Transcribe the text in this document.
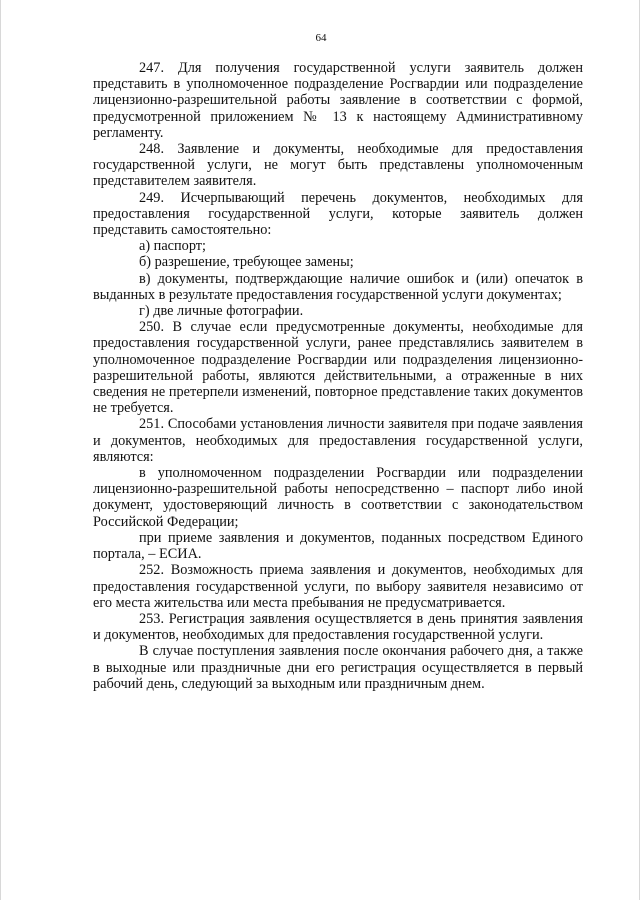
64

247. Для получения государственной услуги заявитель должен представить в уполномоченное подразделение Росгвардии или подразделение лицензионно-разрешительной работы заявление в соответствии с формой, предусмотренной приложением № 13 к настоящему Административному регламенту.

248. Заявление и документы, необходимые для предоставления государственной услуги, не могут быть представлены уполномоченным представителем заявителя.

249. Исчерпывающий перечень документов, необходимых для предоставления государственной услуги, которые заявитель должен представить самостоятельно:

а) паспорт;

б) разрешение, требующее замены;

в) документы, подтверждающие наличие ошибок и (или) опечаток в выданных в результате предоставления государственной услуги документах;

г) две личные фотографии.

250. В случае если предусмотренные документы, необходимые для предоставления государственной услуги, ранее представлялись заявителем в уполномоченное подразделение Росгвардии или подразделения лицензионно-разрешительной работы, являются действительными, а отраженные в них сведения не претерпели изменений, повторное представление таких документов не требуется.

251. Способами установления личности заявителя при подаче заявления и документов, необходимых для предоставления государственной услуги, являются:

в уполномоченном подразделении Росгвардии или подразделении лицензионно-разрешительной работы непосредственно – паспорт либо иной документ, удостоверяющий личность в соответствии с законодательством Российской Федерации;

при приеме заявления и документов, поданных посредством Единого портала, – ЕСИА.

252. Возможность приема заявления и документов, необходимых для предоставления государственной услуги, по выбору заявителя независимо от его места жительства или места пребывания не предусматривается.

253. Регистрация заявления осуществляется в день принятия заявления и документов, необходимых для предоставления государственной услуги.

В случае поступления заявления после окончания рабочего дня, а также в выходные или праздничные дни его регистрация осуществляется в первый рабочий день, следующий за выходным или праздничным днем.
